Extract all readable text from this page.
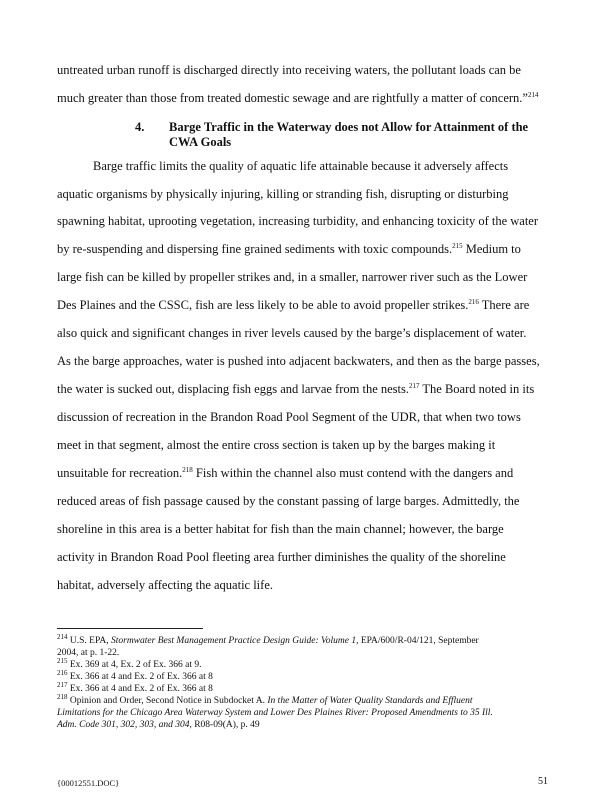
untreated urban runoff is discharged directly into receiving waters, the pollutant loads can be
much greater than those from treated domestic sewage and are rightfully a matter of concern.”$^{214}$
4. Barge Traffic in the Waterway does not Allow for Attainment of the
CWA Goals
Barge traffic limits the quality of aquatic life attainable because it adversely affects
aquatic organisms by physically injuring, killing or stranding fish, disrupting or disturbing
spawning habitat, uprooting vegetation, increasing turbidity, and enhancing toxicity of the water
by re-suspending and dispersing fine grained sediments with toxic compounds.$^{215}$ Medium to
large fish can be killed by propeller strikes and, in a smaller, narrower river such as the Lower
Des Plaines and the CSSC, fish are less likely to be able to avoid propeller strikes.$^{216}$ There are
also quick and significant changes in river levels caused by the barge’s displacement of water.
As the barge approaches, water is pushed into adjacent backwaters, and then as the barge passes,
the water is sucked out, displacing fish eggs and larvae from the nests.$^{217}$ The Board noted in its
discussion of recreation in the Brandon Road Pool Segment of the UDR, that when two tows
meet in that segment, almost the entire cross section is taken up by the barges making it
unsuitable for recreation.$^{218}$ Fish within the channel also must contend with the dangers and
reduced areas of fish passage caused by the constant passing of large barges. Admittedly, the
shoreline in this area is a better habitat for fish than the main channel; however, the barge
activity in Brandon Road Pool fleeting area further diminishes the quality of the shoreline
habitat, adversely affecting the aquatic life.
$^{214}$ U.S. EPA, Stormwater Best Management Practice Design Guide: Volume 1, EPA/600/R-04/121, September
2004, at p. 1-22.
$^{215}$ Ex. 369 at 4, Ex. 2 of Ex. 366 at 9.
$^{216}$ Ex. 366 at 4 and Ex. 2 of Ex. 366 at 8
$^{217}$ Ex. 366 at 4 and Ex. 2 of Ex. 366 at 8
$^{218}$ Opinion and Order, Second Notice in Subdocket A. In the Matter of Water Quality Standards and Effluent
Limitations for the Chicago Area Waterway System and Lower Des Plaines River: Proposed Amendments to 35 Ill.
Adm. Code 301, 302, 303, and 304, R08-09(A), p. 49
{00012551.DOC}	51
